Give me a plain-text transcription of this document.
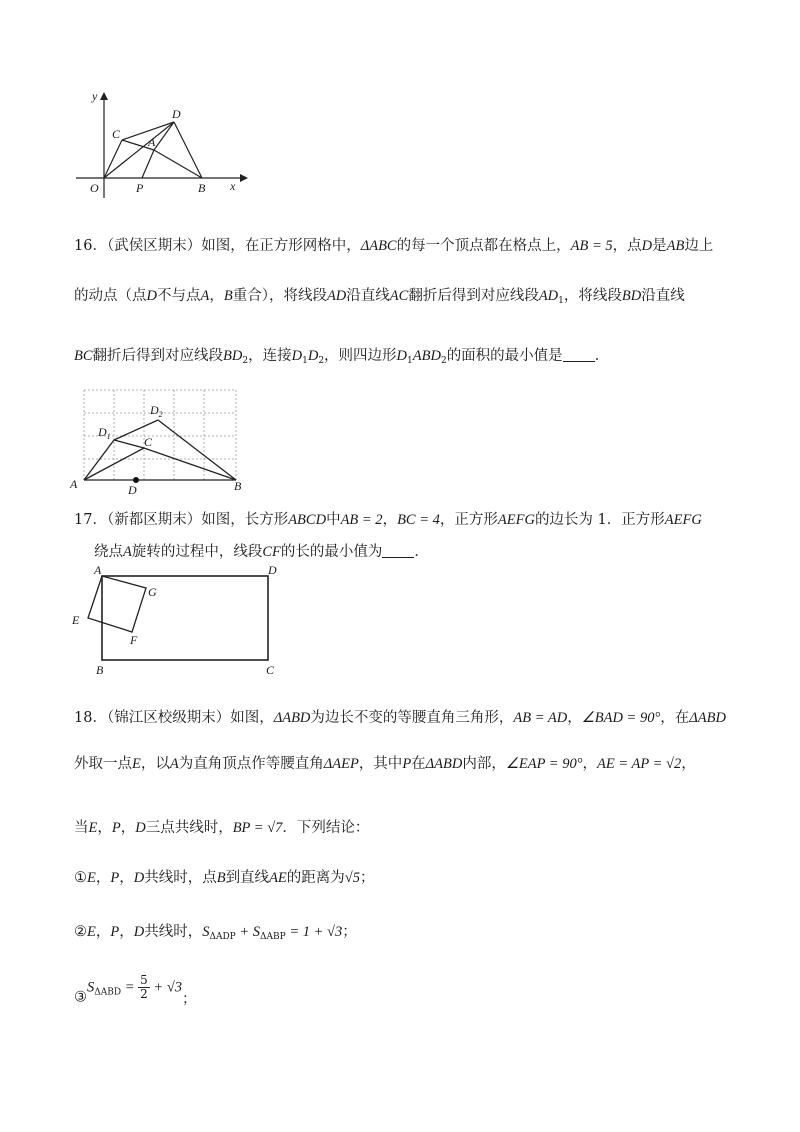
y
x
O	P	B
C
A
D
16．（武侯区期末）如图，在正方形网格中，ΔABC的每一个顶点都在格点上，AB = 5，点D是AB边上
的动点（点D不与点A，B重合），将线段AD沿直线AC翻折后得到对应线段$AD_1$，将线段BD沿直线
BC翻折后得到对应线段$BD_2$，连接$D_1D_2$，则四边形$D_1ABD_2$的面积的最小值是 ．
A	B
C
D
$D_1$
$D_2$
17．（新都区期末）如图，长方形ABCD中AB = 2，BC = 4，正方形AEFG的边长为 1．正方形AEFG
绕点A旋转的过程中，线段CF的长的最小值为 ．
A	D
B	C
E
F
G
18．（锦江区校级期末）如图，ΔABD为边长不变的等腰直角三角形，AB = AD，∠BAD = 90°，在ΔABD
外取一点E，以A为直角顶点作等腰直角ΔAEP，其中P在ΔABD内部，∠EAP = 90°，AE = AP = √2，
当E，P，D三点共线时，BP = √7．下列结论：
①E，P，D共线时，点B到直线AE的距离为√5；
②E，P，D共线时，$S_{\Delta ADP} + S_{\Delta ABP} = 1 + √3$；
$③S_{\Delta ABD} = \frac{5}{2} + √3$；
